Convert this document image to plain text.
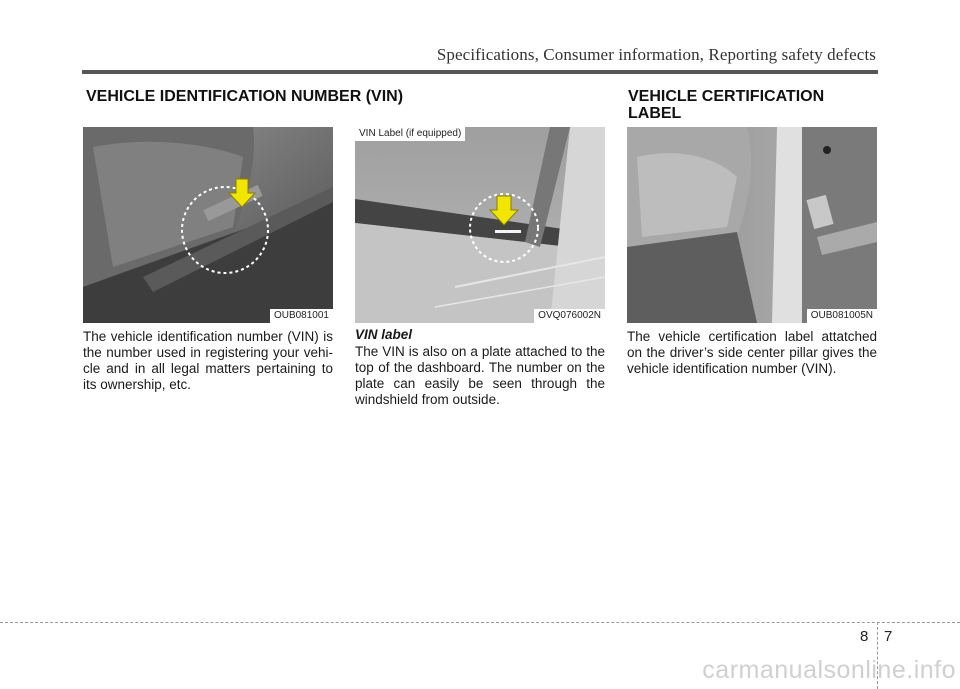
Specifications, Consumer information, Reporting safety defects
VEHICLE IDENTIFICATION NUMBER (VIN)	VEHICLE CERTIFICATION
LABEL
OUB081001
VIN Label (if equipped)
OVQ076002N	OUB081005N
The vehicle identification number (VIN) is the number used in registering your vehi-cle and in all legal matters pertaining to its ownership, etc.
VIN label
The VIN is also on a plate attached to the top of the dashboard. The number on the plate can easily be seen through the windshield from outside.
The vehicle certification label attatched on the driver’s side center pillar gives the vehicle identification number (VIN).
8 7
carmanualsonline.info
